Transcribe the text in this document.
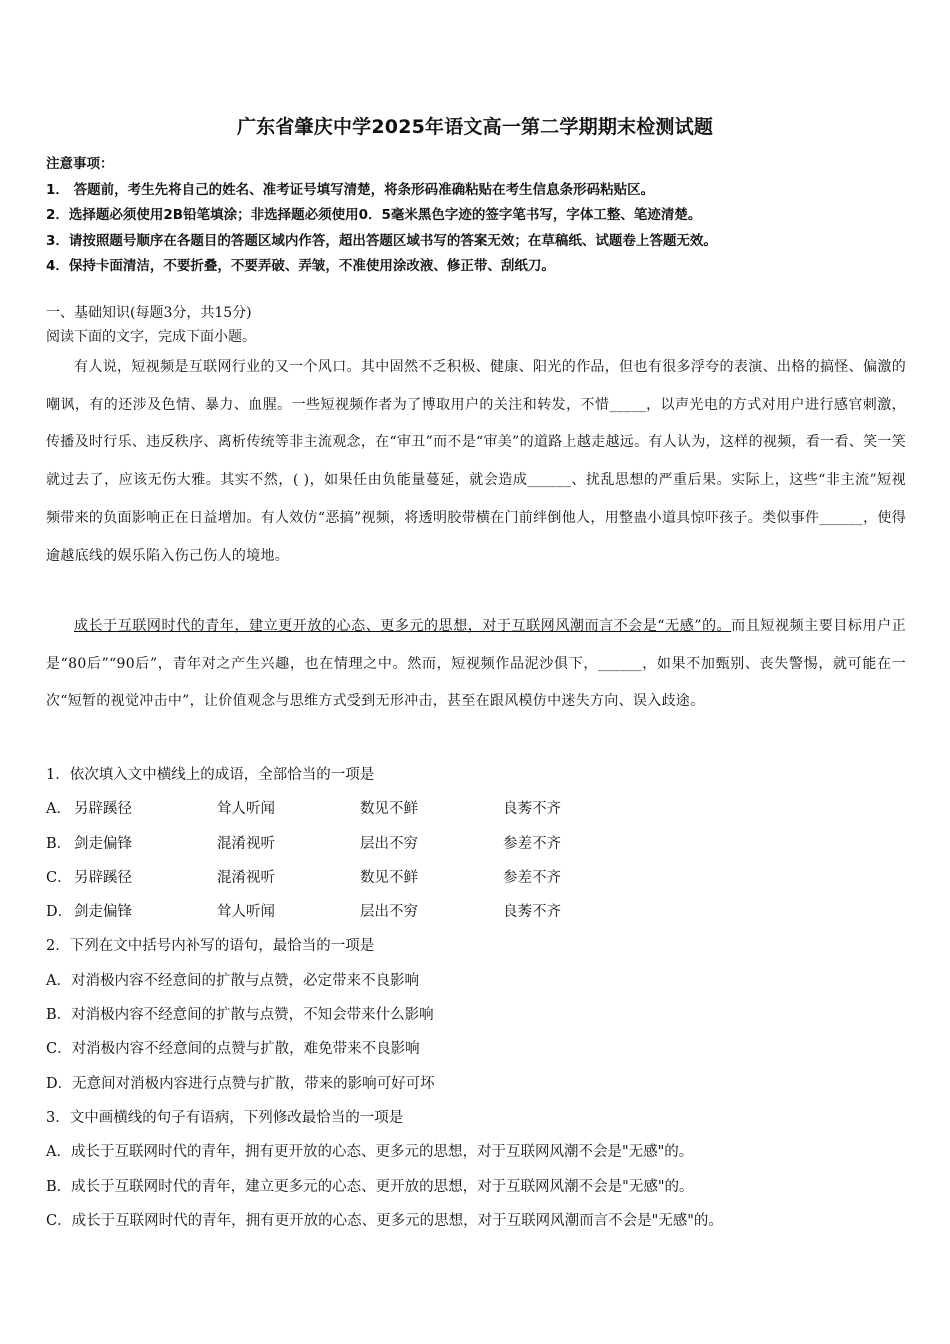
广东省肇庆中学2025年语文高一第二学期期末检测试题
注意事项：
1． 答题前，考生先将自己的姓名、准考证号填写清楚，将条形码准确粘贴在考生信息条形码粘贴区。
2．选择题必须使用2B铅笔填涂；非选择题必须使用0．5毫米黑色字迹的签字笔书写，字体工整、笔迹清楚。
3．请按照题号顺序在各题目的答题区域内作答，超出答题区域书写的答案无效；在草稿纸、试题卷上答题无效。
4．保持卡面清洁，不要折叠，不要弄破、弄皱，不准使用涂改液、修正带、刮纸刀。
一、基础知识(每题3分，共15分)
阅读下面的文字，完成下面小题。

有人说，短视频是互联网行业的又一个风口。其中固然不乏积极、健康、阳光的作品，但也有很多浮夸的表演、出格的搞怪、偏激的嘲讽，有的还涉及色情、暴力、血腥。一些短视频作者为了博取用户的关注和转发，不惜_____，以声光电的方式对用户进行感官刺激，传播及时行乐、违反秩序、离析传统等非主流观念，在“审丑”而不是“审美”的道路上越走越远。有人认为，这样的视频，看一看、笑一笑就过去了，应该无伤大雅。其实不然，( )，如果任由负能量蔓延，就会造成______、扰乱思想的严重后果。实际上，这些“非主流”短视频带来的负面影响正在日益增加。有人效仿“恶搞”视频，将透明胶带横在门前绊倒他人，用整蛊小道具惊吓孩子。类似事件______，使得逾越底线的娱乐陷入伤己伤人的境地。

成长于互联网时代的青年，建立更开放的心态、更多元的思想，对于互联网风潮而言不会是“无感”的。而且短视频主要目标用户正是“80后”“90后”，青年对之产生兴趣，也在情理之中。然而，短视频作品泥沙俱下，______，如果不加甄别、丧失警惕，就可能在一次“短暂的视觉冲击中”，让价值观念与思维方式受到无形冲击，甚至在跟风模仿中迷失方向、误入歧途。

1．依次填入文中横线上的成语，全部恰当的一项是
A． 另辟蹊径	耸人听闻	数见不鲜	良莠不齐
B． 剑走偏锋	混淆视听	层出不穷	参差不齐
C． 另辟蹊径	混淆视听	数见不鲜	参差不齐
D． 剑走偏锋	耸人听闻	层出不穷	良莠不齐
2．下列在文中括号内补写的语句，最恰当的一项是
A．对消极内容不经意间的扩散与点赞，必定带来不良影响
B．对消极内容不经意间的扩散与点赞，不知会带来什么影响
C．对消极内容不经意间的点赞与扩散，难免带来不良影响
D．无意间对消极内容进行点赞与扩散，带来的影响可好可坏
3．文中画横线的句子有语病，下列修改最恰当的一项是
A．成长于互联网时代的青年，拥有更开放的心态、更多元的思想，对于互联网风潮不会是"无感"的。
B．成长于互联网时代的青年，建立更多元的心态、更开放的思想，对于互联网风潮不会是"无感"的。
C．成长于互联网时代的青年，拥有更开放的心态、更多元的思想，对于互联网风潮而言不会是"无感"的。
